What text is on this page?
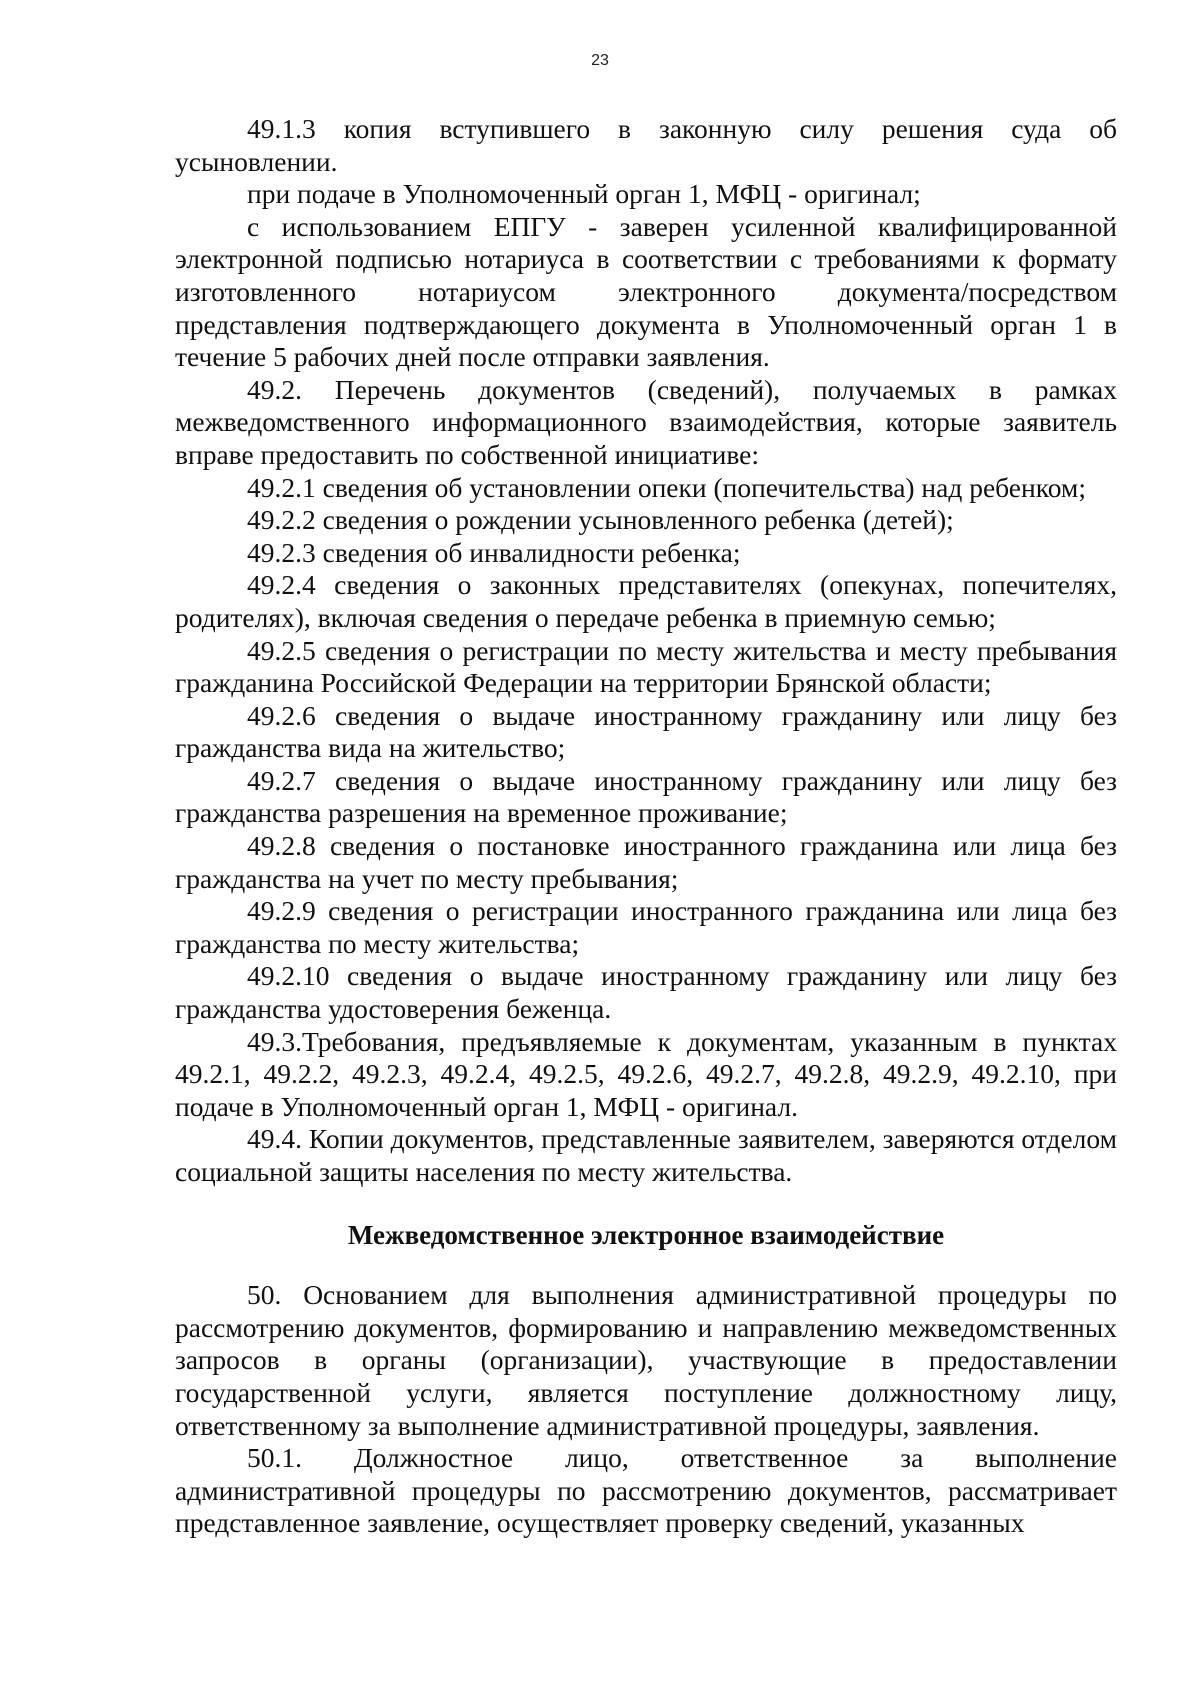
23

49.1.3 копия вступившего в законную силу решения суда об усыновлении.

при подаче в Уполномоченный орган 1, МФЦ - оригинал;

с использованием ЕПГУ - заверен усиленной квалифицированной электронной подписью нотариуса в соответствии с требованиями к формату изготовленного нотариусом электронного документа/посредством представления подтверждающего документа в Уполномоченный орган 1 в течение 5 рабочих дней после отправки заявления.

49.2. Перечень документов (сведений), получаемых в рамках межведомственного информационного взаимодействия, которые заявитель вправе предоставить по собственной инициативе:

49.2.1 сведения об установлении опеки (попечительства) над ребенком;

49.2.2 сведения о рождении усыновленного ребенка (детей);

49.2.3 сведения об инвалидности ребенка;

49.2.4 сведения о законных представителях (опекунах, попечителях, родителях), включая сведения о передаче ребенка в приемную семью;

49.2.5 сведения о регистрации по месту жительства и месту пребывания гражданина Российской Федерации на территории Брянской области;

49.2.6 сведения о выдаче иностранному гражданину или лицу без гражданства вида на жительство;

49.2.7 сведения о выдаче иностранному гражданину или лицу без гражданства разрешения на временное проживание;

49.2.8 сведения о постановке иностранного гражданина или лица без гражданства на учет по месту пребывания;

49.2.9 сведения о регистрации иностранного гражданина или лица без гражданства по месту жительства;

49.2.10 сведения о выдаче иностранному гражданину или лицу без гражданства удостоверения беженца.

49.3.Требования, предъявляемые к документам, указанным в пунктах 49.2.1, 49.2.2, 49.2.3, 49.2.4, 49.2.5, 49.2.6, 49.2.7, 49.2.8, 49.2.9, 49.2.10, при подаче в Уполномоченный орган 1, МФЦ - оригинал.

49.4. Копии документов, представленные заявителем, заверяются отделом социальной защиты населения по месту жительства.

Межведомственное электронное взаимодействие

50. Основанием для выполнения административной процедуры по рассмотрению документов, формированию и направлению межведомственных запросов в органы (организации), участвующие в предоставлении государственной услуги, является поступление должностному лицу, ответственному за выполнение административной процедуры, заявления.

50.1. Должностное лицо, ответственное за выполнение административной процедуры по рассмотрению документов, рассматривает представленное заявление, осуществляет проверку сведений, указанных
